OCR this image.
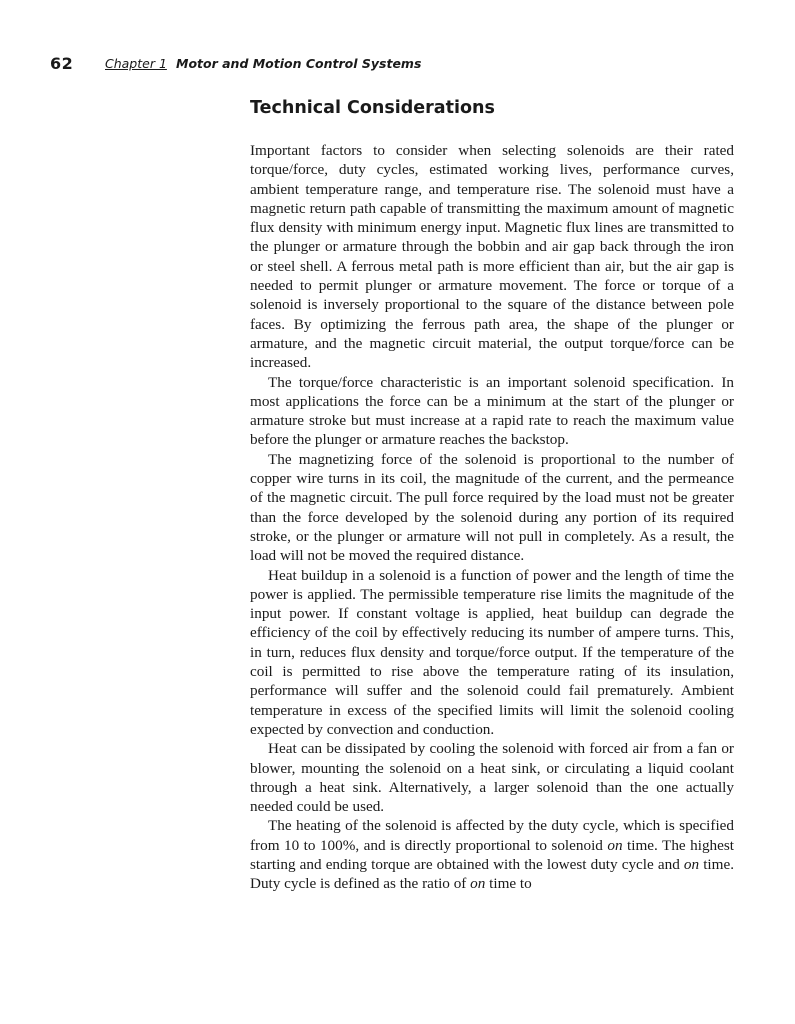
62	Chapter 1 Motor and Motion Control Systems
Technical Considerations

Important factors to consider when selecting solenoids are their rated torque/force, duty cycles, estimated working lives, performance curves, ambient temperature range, and temperature rise. The solenoid must have a magnetic return path capable of transmitting the maximum amount of magnetic flux density with minimum energy input. Magnetic flux lines are transmitted to the plunger or armature through the bobbin and air gap back through the iron or steel shell. A ferrous metal path is more efficient than air, but the air gap is needed to permit plunger or armature movement. The force or torque of a solenoid is inversely proportional to the square of the distance between pole faces. By optimizing the ferrous path area, the shape of the plunger or armature, and the magnetic circuit material, the output torque/force can be increased.

The torque/force characteristic is an important solenoid specification. In most applications the force can be a minimum at the start of the plunger or armature stroke but must increase at a rapid rate to reach the maximum value before the plunger or armature reaches the backstop.

The magnetizing force of the solenoid is proportional to the number of copper wire turns in its coil, the magnitude of the current, and the permeance of the magnetic circuit. The pull force required by the load must not be greater than the force developed by the solenoid during any portion of its required stroke, or the plunger or armature will not pull in completely. As a result, the load will not be moved the required distance.

Heat buildup in a solenoid is a function of power and the length of time the power is applied. The permissible temperature rise limits the magnitude of the input power. If constant voltage is applied, heat buildup can degrade the efficiency of the coil by effectively reducing its number of ampere turns. This, in turn, reduces flux density and torque/force output. If the temperature of the coil is permitted to rise above the temperature rating of its insulation, performance will suffer and the solenoid could fail prematurely. Ambient temperature in excess of the specified limits will limit the solenoid cooling expected by convection and conduction.

Heat can be dissipated by cooling the solenoid with forced air from a fan or blower, mounting the solenoid on a heat sink, or circulating a liquid coolant through a heat sink. Alternatively, a larger solenoid than the one actually needed could be used.

The heating of the solenoid is affected by the duty cycle, which is specified from 10 to 100%, and is directly proportional to solenoid on time. The highest starting and ending torque are obtained with the lowest duty cycle and on time. Duty cycle is defined as the ratio of on time to
